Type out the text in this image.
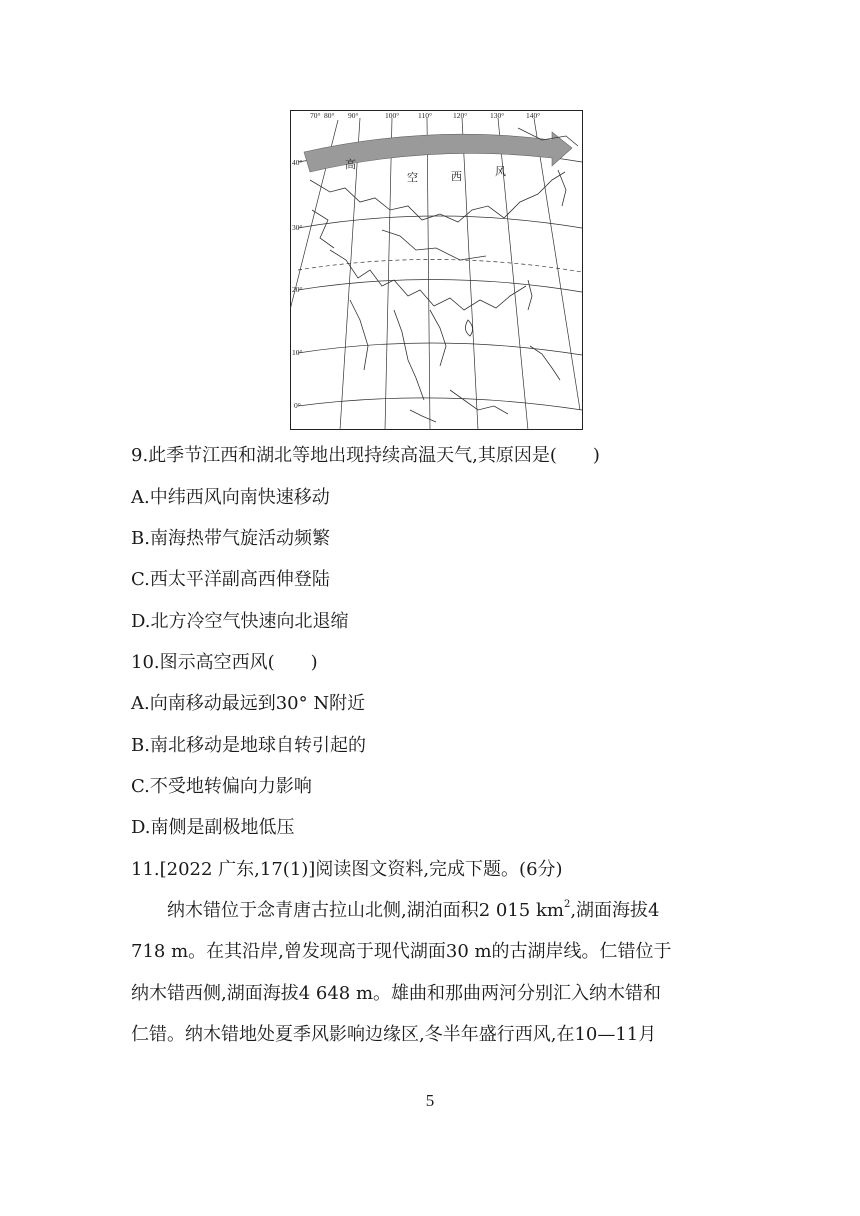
70° 80° 90°	100°	110°	120°	130°	140°
40°
30°
20°
10°
0°
高
空	西	风
9.此季节江西和湖北等地出现持续高温天气,其原因是(　　)
A.中纬西风向南快速移动
B.南海热带气旋活动频繁
C.西太平洋副高西伸登陆
D.北方冷空气快速向北退缩
10.图示高空西风(　　)
A.向南移动最远到30° N附近
B.南北移动是地球自转引起的
C.不受地转偏向力影响
D.南侧是副极地低压
11.[2022 广东,17(1)]阅读图文资料,完成下题。(6分)
纳木错位于念青唐古拉山北侧,湖泊面积2 015 $km^2$,湖面海拔4
718 m。在其沿岸,曾发现高于现代湖面30 m的古湖岸线。仁错位于
纳木错西侧,湖面海拔4 648 m。雄曲和那曲两河分别汇入纳木错和
仁错。纳木错地处夏季风影响边缘区,冬半年盛行西风,在10—11月
5
